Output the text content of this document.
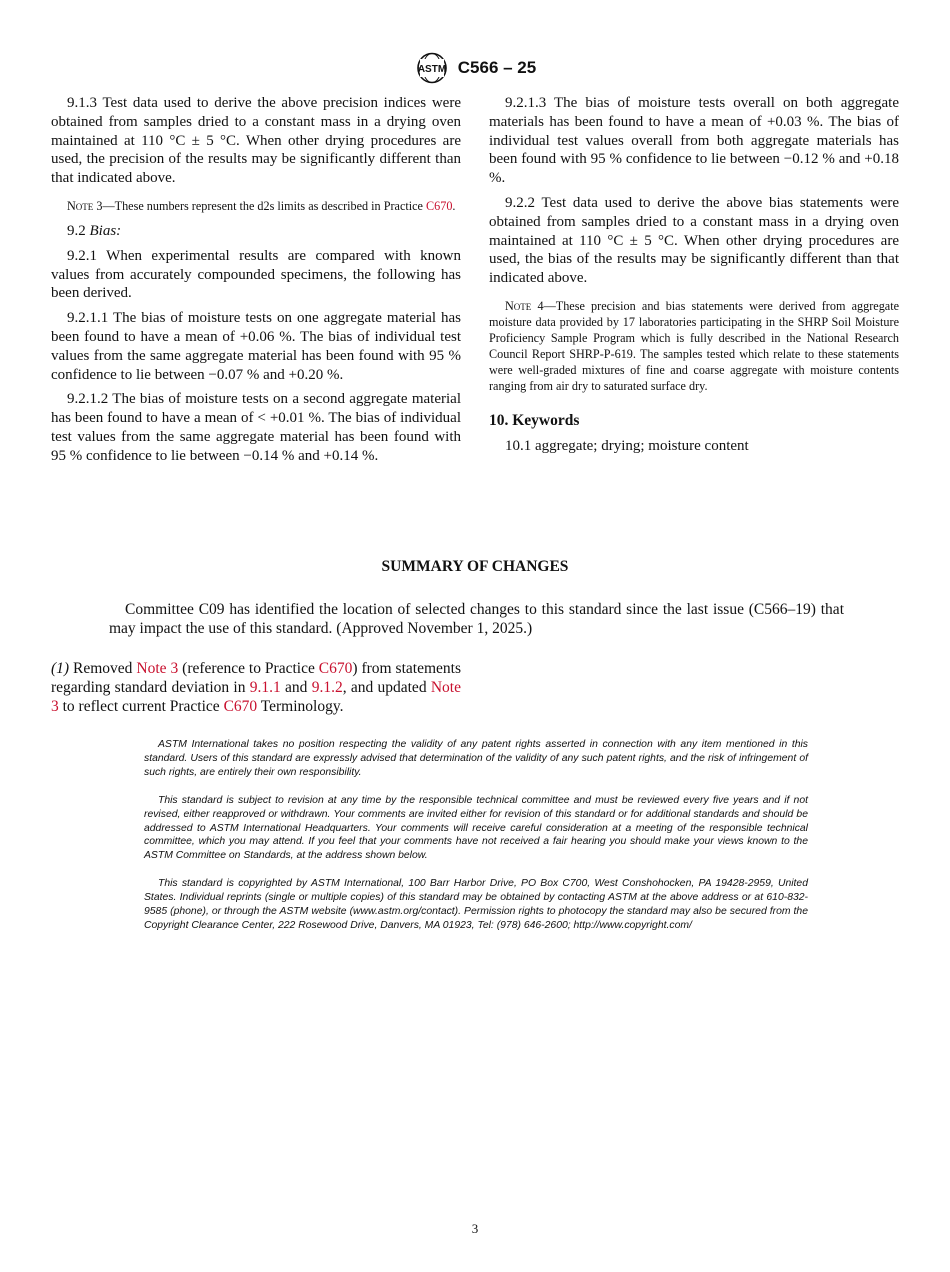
ASTM C566 – 25

9.1.3 Test data used to derive the above precision indices were obtained from samples dried to a constant mass in a drying oven maintained at 110 °C ± 5 °C. When other drying procedures are used, the precision of the results may be significantly different than that indicated above.

Note 3—These numbers represent the d2s limits as described in Practice C670.

9.2 Bias:

9.2.1 When experimental results are compared with known values from accurately compounded specimens, the following has been derived.

9.2.1.1 The bias of moisture tests on one aggregate material has been found to have a mean of +0.06 %. The bias of individual test values from the same aggregate material has been found with 95 % confidence to lie between −0.07 % and +0.20 %.

9.2.1.2 The bias of moisture tests on a second aggregate material has been found to have a mean of < +0.01 %. The bias of individual test values from the same aggregate material has been found with 95 % confidence to lie between −0.14 % and +0.14 %.

9.2.1.3 The bias of moisture tests overall on both aggregate materials has been found to have a mean of +0.03 %. The bias of individual test values overall from both aggregate materials has been found with 95 % confidence to lie between −0.12 % and +0.18 %.

9.2.2 Test data used to derive the above bias statements were obtained from samples dried to a constant mass in a drying oven maintained at 110 °C ± 5 °C. When other drying procedures are used, the bias of the results may be significantly different than that indicated above.

Note 4—These precision and bias statements were derived from aggregate moisture data provided by 17 laboratories participating in the SHRP Soil Moisture Proficiency Sample Program which is fully described in the National Research Council Report SHRP-P-619. The samples tested which relate to these statements were well-graded mixtures of fine and coarse aggregate with moisture contents ranging from air dry to saturated surface dry.

10. Keywords

10.1 aggregate; drying; moisture content

SUMMARY OF CHANGES
Committee C09 has identified the location of selected changes to this standard since the last issue (C566–19) that may impact the use of this standard. (Approved November 1, 2025.)
(1) Removed Note 3 (reference to Practice C670) from statements regarding standard deviation in 9.1.1 and 9.1.2, and updated Note 3 to reflect current Practice C670 Terminology.

ASTM International takes no position respecting the validity of any patent rights asserted in connection with any item mentioned in this standard. Users of this standard are expressly advised that determination of the validity of any such patent rights, and the risk of infringement of such rights, are entirely their own responsibility.

This standard is subject to revision at any time by the responsible technical committee and must be reviewed every five years and if not revised, either reapproved or withdrawn. Your comments are invited either for revision of this standard or for additional standards and should be addressed to ASTM International Headquarters. Your comments will receive careful consideration at a meeting of the responsible technical committee, which you may attend. If you feel that your comments have not received a fair hearing you should make your views known to the ASTM Committee on Standards, at the address shown below.

This standard is copyrighted by ASTM International, 100 Barr Harbor Drive, PO Box C700, West Conshohocken, PA 19428-2959, United States. Individual reprints (single or multiple copies) of this standard may be obtained by contacting ASTM at the above address or at 610-832-9585 (phone), or through the ASTM website (www.astm.org/contact). Permission rights to photocopy the standard may also be secured from the Copyright Clearance Center, 222 Rosewood Drive, Danvers, MA 01923, Tel: (978) 646-2600; http://www.copyright.com/

3
